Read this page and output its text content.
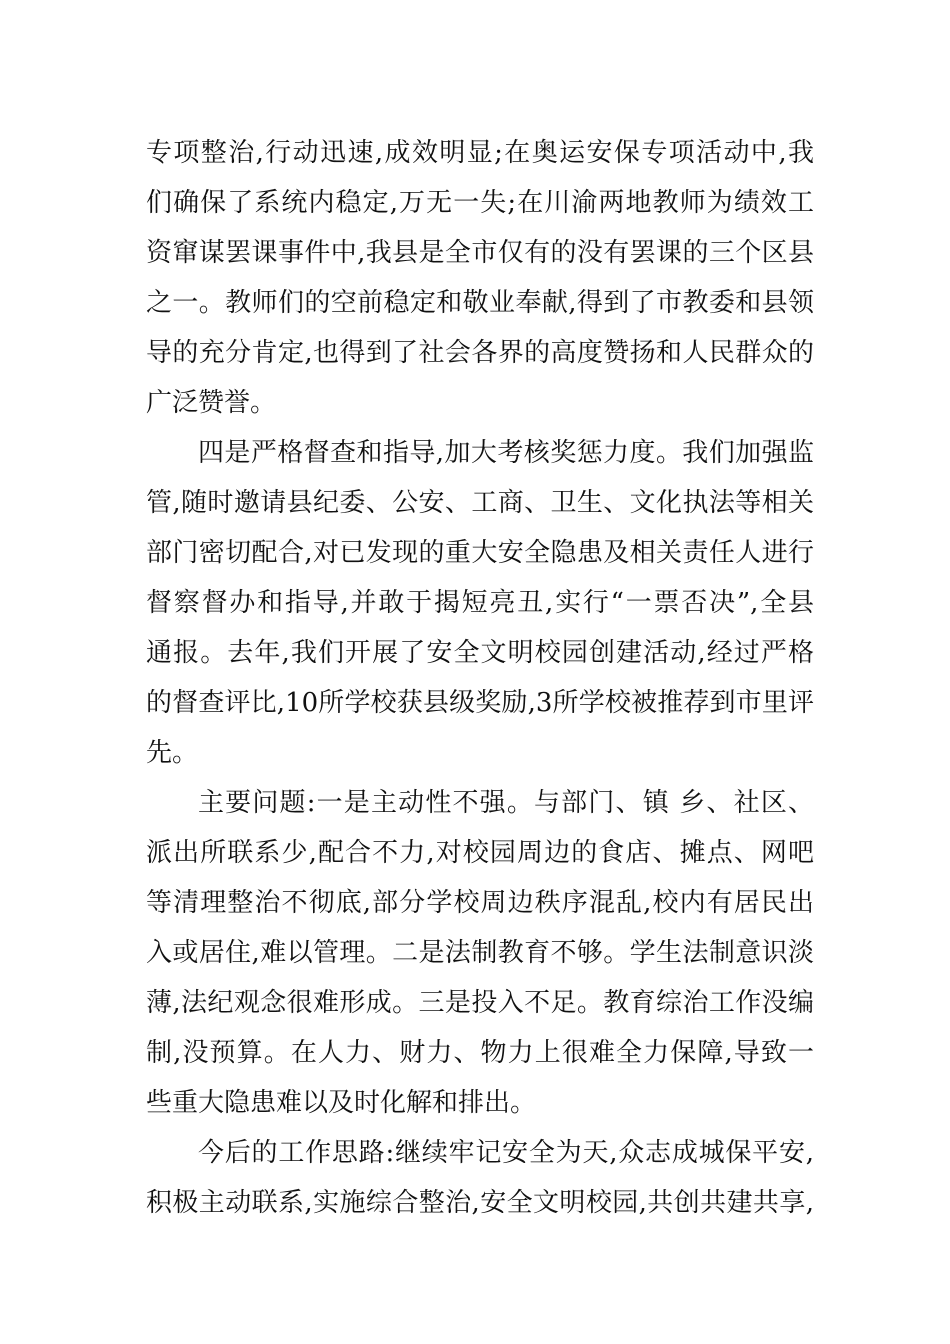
专项整治,行动迅速,成效明显;在奥运安保专项活动中,我
们确保了系统内稳定,万无一失;在川渝两地教师为绩效工
资窜谋罢课事件中,我县是全市仅有的没有罢课的三个区县
之一。教师们的空前稳定和敬业奉献,得到了市教委和县领
导的充分肯定,也得到了社会各界的高度赞扬和人民群众的
广泛赞誉。
四是严格督查和指导,加大考核奖惩力度。我们加强监
管,随时邀请县纪委、公安、工商、卫生、文化执法等相关
部门密切配合,对已发现的重大安全隐患及相关责任人进行
督察督办和指导,并敢于揭短亮丑,实行“一票否决”,全县
通报。去年,我们开展了安全文明校园创建活动,经过严格
的督查评比,10所学校获县级奖励,3所学校被推荐到市里评
先。
主要问题:一是主动性不强。与部门、镇 乡、社区、
派出所联系少,配合不力,对校园周边的食店、摊点、网吧
等清理整治不彻底,部分学校周边秩序混乱,校内有居民出
入或居住,难以管理。二是法制教育不够。学生法制意识淡
薄,法纪观念很难形成。三是投入不足。教育综治工作没编
制,没预算。在人力、财力、物力上很难全力保障,导致一
些重大隐患难以及时化解和排出。
今后的工作思路:继续牢记安全为天,众志成城保平安,
积极主动联系,实施综合整治,安全文明校园,共创共建共享,
